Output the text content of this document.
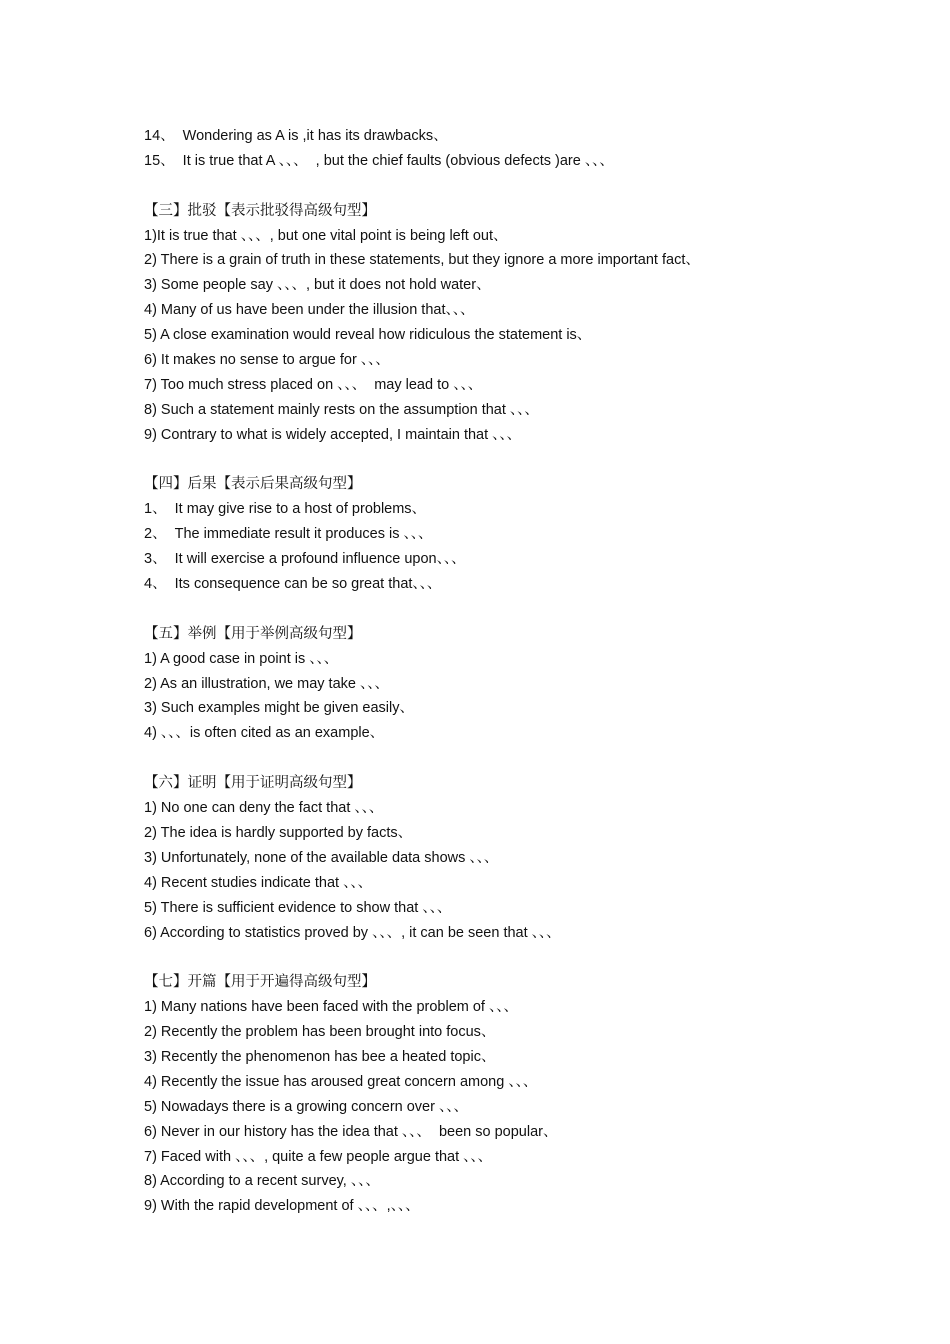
14、  Wondering as A is ,it has its drawbacks、
15、  It is true that A 、、、  , but the chief faults (obvious defects )are 、、、
【三】批驳【表示批驳得高级句型】
1)It is true that 、、、, but one vital point is being left out、
2) There is a grain of truth in these statements, but they ignore a more important fact、
3) Some people say 、、、, but it does not hold water、
4) Many of us have been under the illusion that、、、
5) A close examination would reveal how ridiculous the statement is、
6) It makes no sense to argue for 、、、
7) Too much stress placed on 、、、  may lead to 、、、
8) Such a statement mainly rests on the assumption that 、、、
9) Contrary to what is widely accepted, I maintain that 、、、
【四】后果【表示后果高级句型】
1、  It may give rise to a host of problems、
2、  The immediate result it produces is 、、、
3、  It will exercise a profound influence upon、、、
4、  Its consequence can be so great that、、、
【五】举例【用于举例高级句型】
1) A good case in point is 、、、
2) As an illustration, we may take 、、、
3) Such examples might be given easily、
4) 、、、is often cited as an example、
【六】证明【用于证明高级句型】
1) No one can deny the fact that 、、、
2) The idea is hardly supported by facts、
3) Unfortunately, none of the available data shows 、、、
4) Recent studies indicate that 、、、
5) There is sufficient evidence to show that 、、、
6) According to statistics proved by 、、、, it can be seen that 、、、
【七】开篇【用于开遍得高级句型】
1) Many nations have been faced with the problem of 、、、
2) Recently the problem has been brought into focus、
3) Recently the phenomenon has bee a heated topic、
4) Recently the issue has aroused great concern among 、、、
5) Nowadays there is a growing concern over 、、、
6) Never in our history has the idea that 、、、  been so popular、
7) Faced with 、、、, quite a few people argue that 、、、
8) According to a recent survey, 、、、
9) With the rapid development of 、、、,、、、
